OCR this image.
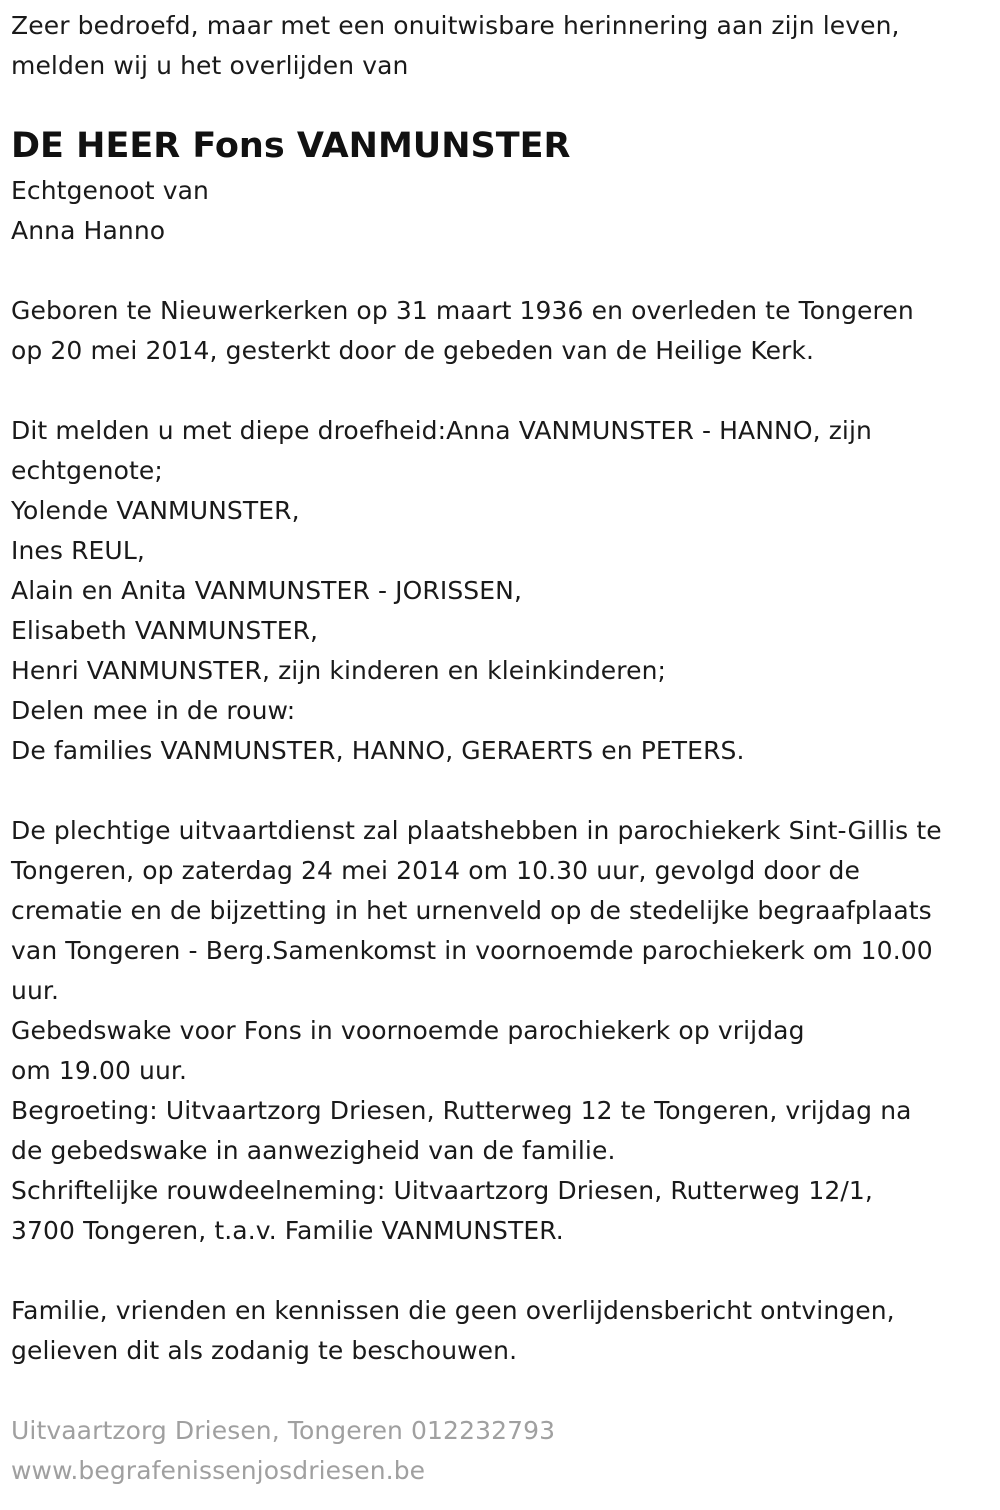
Zeer bedroefd, maar met een onuitwisbare herinnering aan zijn leven,
melden wij u het overlijden van
DE HEER Fons VANMUNSTER
Echtgenoot van
Anna Hanno
Geboren te Nieuwerkerken op 31 maart 1936 en overleden te Tongeren
op 20 mei 2014, gesterkt door de gebeden van de Heilige Kerk.
Dit melden u met diepe droefheid:Anna VANMUNSTER - HANNO, zijn
echtgenote;
Yolende VANMUNSTER,
Ines REUL,
Alain en Anita VANMUNSTER - JORISSEN,
Elisabeth VANMUNSTER,
Henri VANMUNSTER, zijn kinderen en kleinkinderen;
Delen mee in de rouw:
De families VANMUNSTER, HANNO, GERAERTS en PETERS.
De plechtige uitvaartdienst zal plaatshebben in parochiekerk Sint-Gillis te
Tongeren, op zaterdag 24 mei 2014 om 10.30 uur, gevolgd door de
crematie en de bijzetting in het urnenveld op de stedelijke begraafplaats
van Tongeren - Berg.Samenkomst in voornoemde parochiekerk om 10.00
uur.
Gebedswake voor Fons in voornoemde parochiekerk op vrijdag
om 19.00 uur.
Begroeting: Uitvaartzorg Driesen, Rutterweg 12 te Tongeren, vrijdag na
de gebedswake in aanwezigheid van de familie.
Schriftelijke rouwdeelneming: Uitvaartzorg Driesen, Rutterweg 12/1,
3700 Tongeren, t.a.v. Familie VANMUNSTER.
Familie, vrienden en kennissen die geen overlijdensbericht ontvingen,
gelieven dit als zodanig te beschouwen.
Uitvaartzorg Driesen, Tongeren 012232793
www.begrafenissenjosdriesen.be
